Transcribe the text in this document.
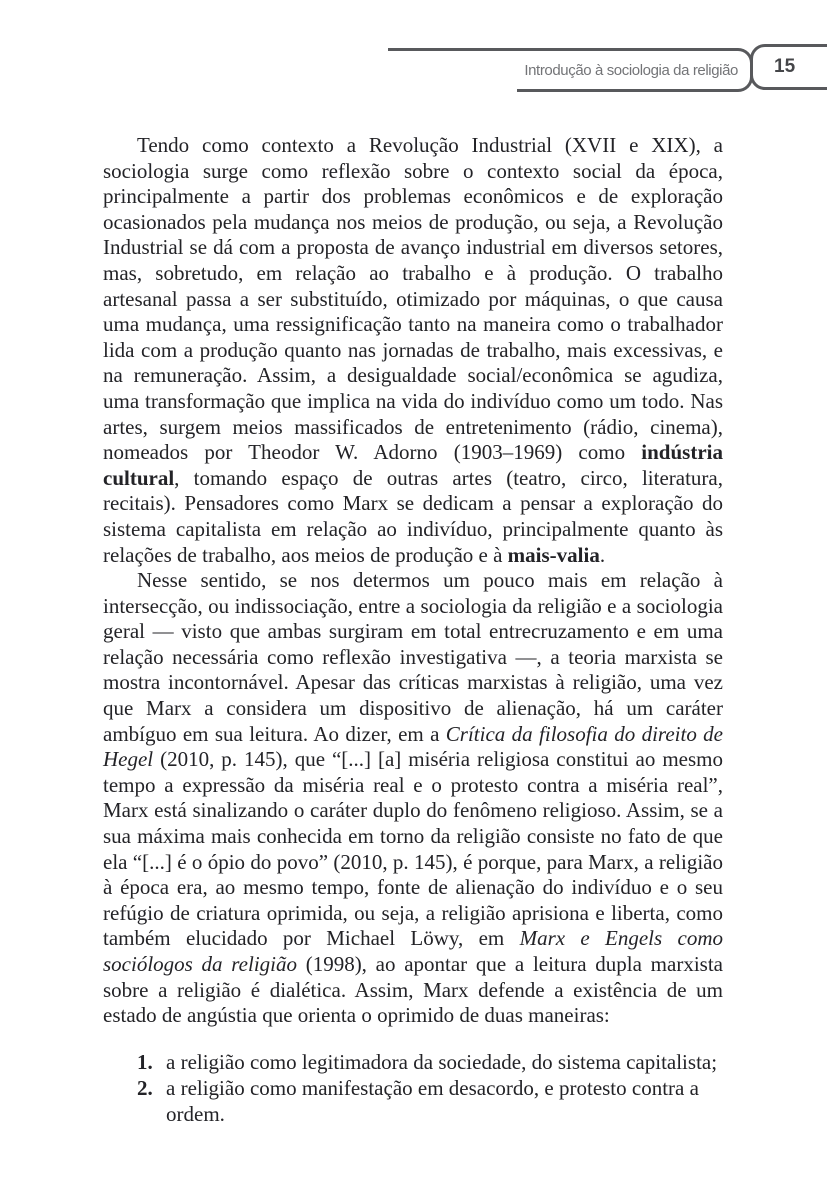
Introdução à sociologia da religião 15

Tendo como contexto a Revolução Industrial (XVII e XIX), a sociologia surge como reflexão sobre o contexto social da época, principalmente a partir dos problemas econômicos e de exploração ocasionados pela mudança nos meios de produção, ou seja, a Revolução Industrial se dá com a proposta de avanço industrial em diversos setores, mas, sobretudo, em relação ao trabalho e à produção. O trabalho artesanal passa a ser substituído, otimizado por máquinas, o que causa uma mudança, uma ressignificação tanto na maneira como o trabalhador lida com a produção quanto nas jornadas de trabalho, mais excessivas, e na remuneração. Assim, a desigualdade social/econômica se agudiza, uma transformação que implica na vida do indivíduo como um todo. Nas artes, surgem meios massificados de entretenimento (rádio, cinema), nomeados por Theodor W. Adorno (1903–1969) como indústria cultural, tomando espaço de outras artes (teatro, circo, literatura, recitais). Pensadores como Marx se dedicam a pensar a exploração do sistema capitalista em relação ao indivíduo, principalmente quanto às relações de trabalho, aos meios de produção e à mais-valia.

Nesse sentido, se nos determos um pouco mais em relação à intersecção, ou indissociação, entre a sociologia da religião e a sociologia geral — visto que ambas surgiram em total entrecruzamento e em uma relação necessária como reflexão investigativa —, a teoria marxista se mostra incontornável. Apesar das críticas marxistas à religião, uma vez que Marx a considera um dispositivo de alienação, há um caráter ambíguo em sua leitura. Ao dizer, em a Crítica da filosofia do direito de Hegel (2010, p. 145), que “[...] [a] miséria religiosa constitui ao mesmo tempo a expressão da miséria real e o protesto contra a miséria real”, Marx está sinalizando o caráter duplo do fenômeno religioso. Assim, se a sua máxima mais conhecida em torno da religião consiste no fato de que ela “[...] é o ópio do povo” (2010, p. 145), é porque, para Marx, a religião à época era, ao mesmo tempo, fonte de alienação do indivíduo e o seu refúgio de criatura oprimida, ou seja, a religião aprisiona e liberta, como também elucidado por Michael Löwy, em Marx e Engels como sociólogos da religião (1998), ao apontar que a leitura dupla marxista sobre a religião é dialética. Assim, Marx defende a existência de um estado de angústia que orienta o oprimido de duas maneiras:

1. a religião como legitimadora da sociedade, do sistema capitalista;
2. a religião como manifestação em desacordo, e protesto contra a ordem.
